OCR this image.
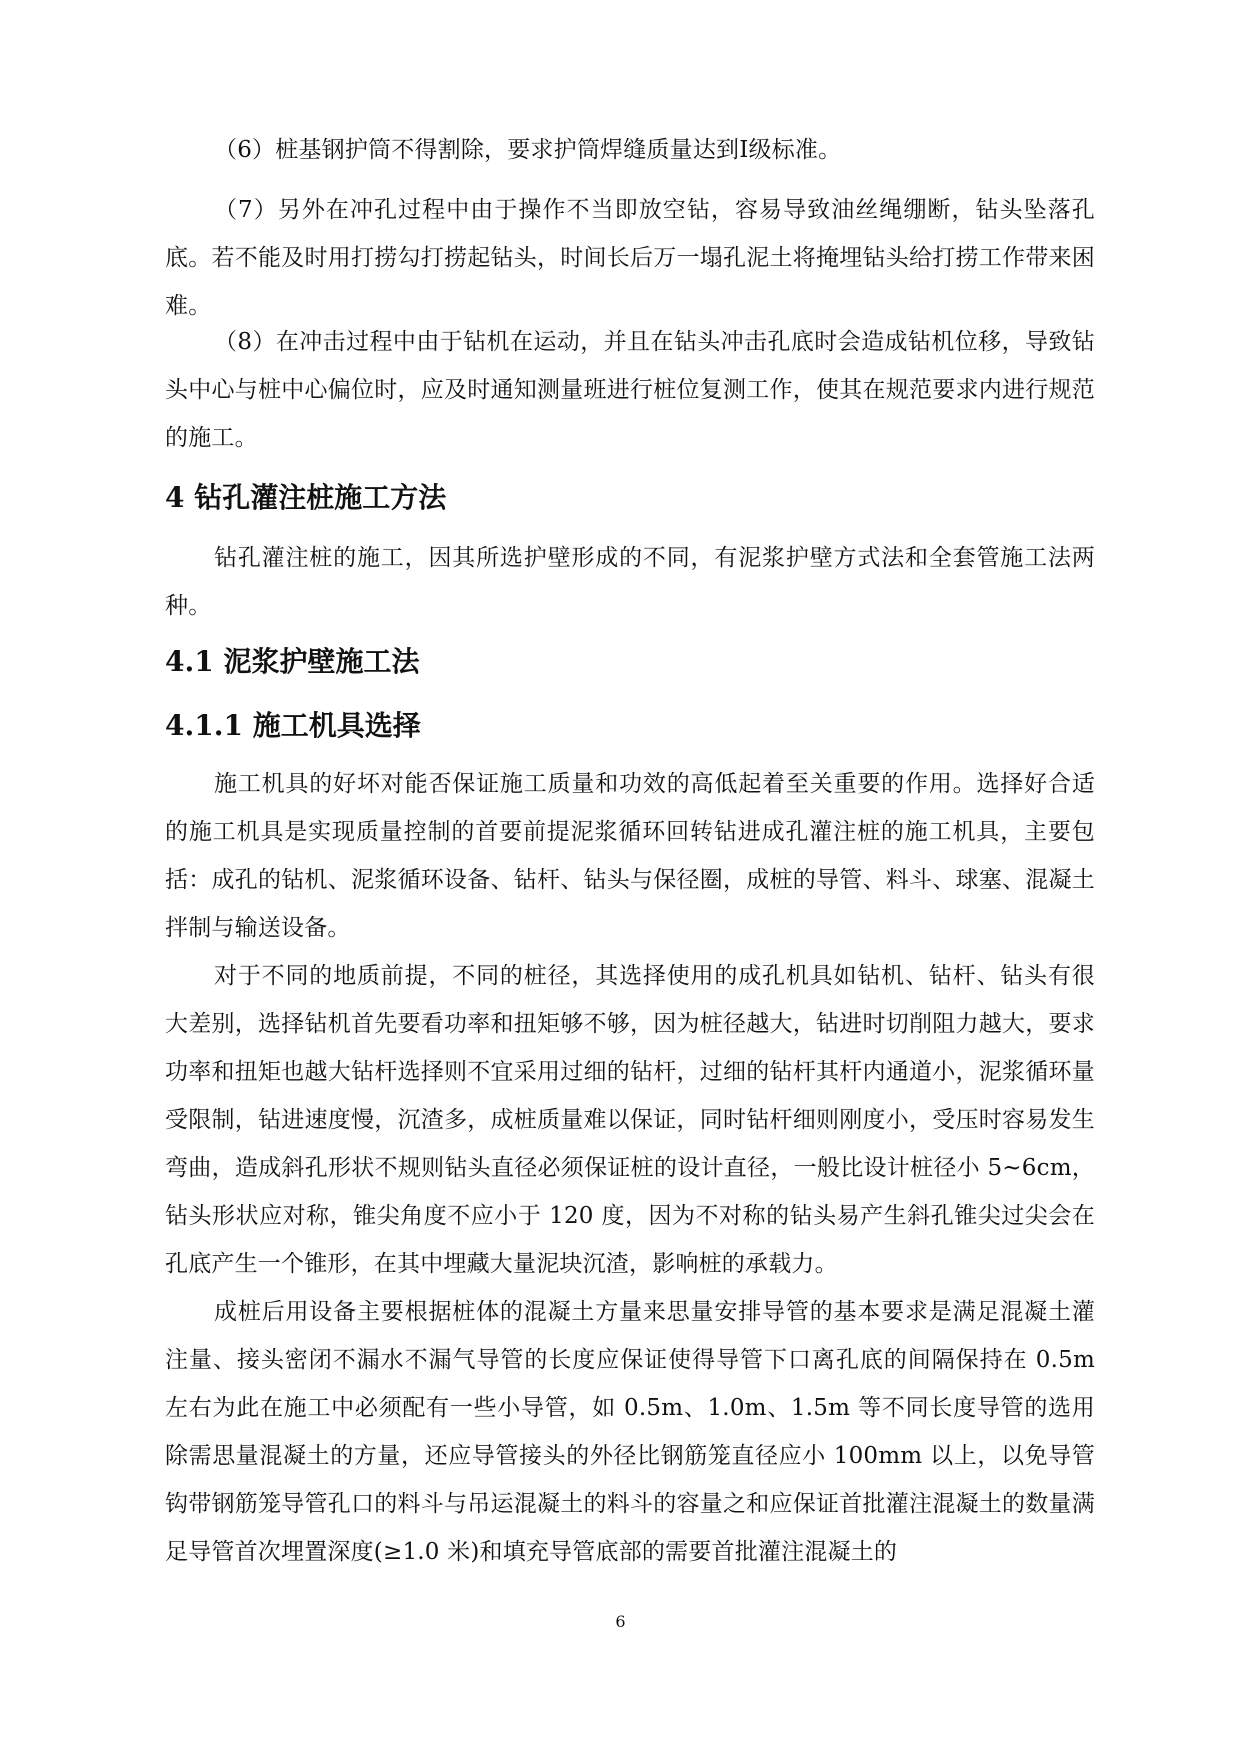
（6）桩基钢护筒不得割除，要求护筒焊缝质量达到Ⅰ级标准。

（7）另外在冲孔过程中由于操作不当即放空钻，容易导致油丝绳绷断，钻头坠落孔底。若不能及时用打捞勾打捞起钻头，时间长后万一塌孔泥土将掩埋钻头给打捞工作带来困难。

（8）在冲击过程中由于钻机在运动，并且在钻头冲击孔底时会造成钻机位移，导致钻头中心与桩中心偏位时，应及时通知测量班进行桩位复测工作，使其在规范要求内进行规范的施工。

4 钻孔灌注桩施工方法

钻孔灌注桩的施工，因其所选护壁形成的不同，有泥浆护壁方式法和全套管施工法两种。

4.1 泥浆护壁施工法
4.1.1 施工机具选择

施工机具的好坏对能否保证施工质量和功效的高低起着至关重要的作用。选择好合适的施工机具是实现质量控制的首要前提泥浆循环回转钻进成孔灌注桩的施工机具，主要包括：成孔的钻机、泥浆循环设备、钻杆、钻头与保径圈，成桩的导管、料斗、球塞、混凝土拌制与输送设备。

对于不同的地质前提，不同的桩径，其选择使用的成孔机具如钻机、钻杆、钻头有很大差别，选择钻机首先要看功率和扭矩够不够，因为桩径越大，钻进时切削阻力越大，要求功率和扭矩也越大钻杆选择则不宜采用过细的钻杆，过细的钻杆其杆内通道小，泥浆循环量受限制，钻进速度慢，沉渣多，成桩质量难以保证，同时钻杆细则刚度小，受压时容易发生弯曲，造成斜孔形状不规则钻头直径必须保证桩的设计直径，一般比设计桩径小 5~6cm，钻头形状应对称，锥尖角度不应小于 120 度，因为不对称的钻头易产生斜孔锥尖过尖会在孔底产生一个锥形，在其中埋藏大量泥块沉渣，影响桩的承载力。

成桩后用设备主要根据桩体的混凝土方量来思量安排导管的基本要求是满足混凝土灌注量、接头密闭不漏水不漏气导管的长度应保证使得导管下口离孔底的间隔保持在 0.5m 左右为此在施工中必须配有一些小导管，如 0.5m、1.0m、1.5m 等不同长度导管的选用除需思量混凝土的方量，还应导管接头的外径比钢筋笼直径应小 100mm 以上，以免导管钩带钢筋笼导管孔口的料斗与吊运混凝土的料斗的容量之和应保证首批灌注混凝土的数量满足导管首次埋置深度(≥1.0 米)和填充导管底部的需要首批灌注混凝土的

6
